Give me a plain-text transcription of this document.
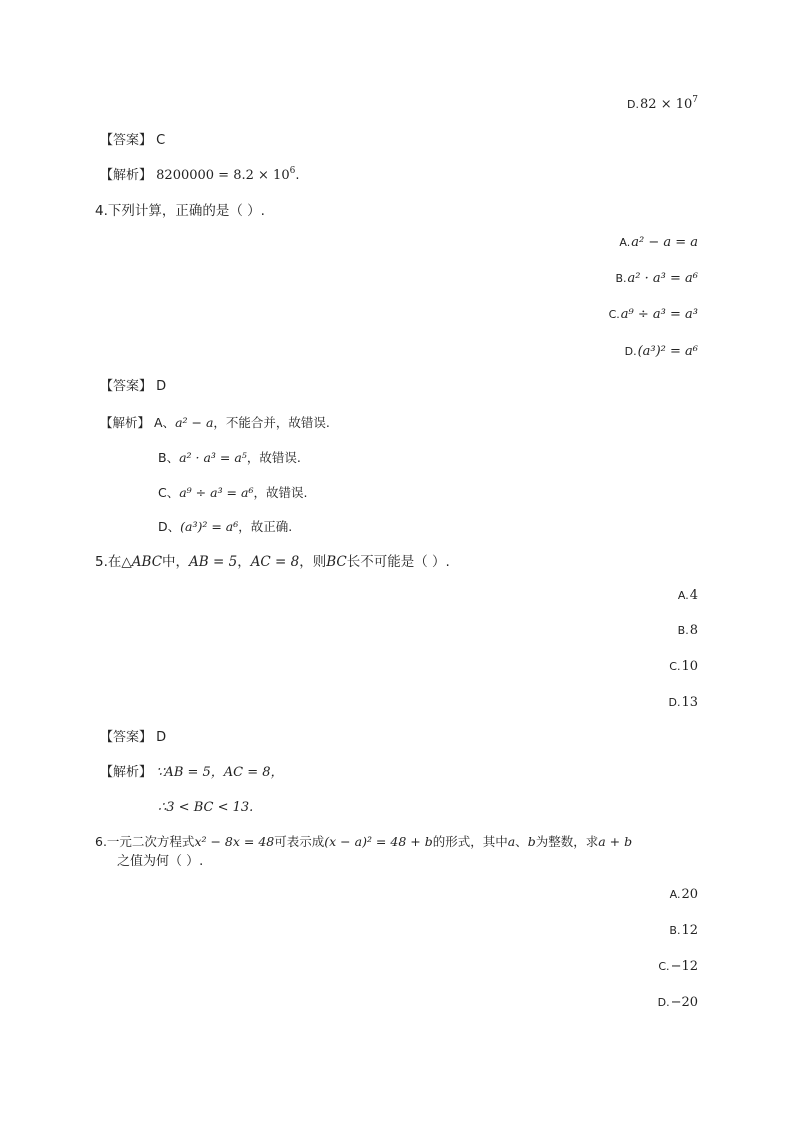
$D.82 \times 10^7$
【答案】 C
【解析】 $8200000 = 8.2 \times 10^6$.
4.下列计算，正确的是（ ）.
A.a² − a = a
B.a² · a³ = a⁶
C.a⁹ ÷ a³ = a³
D.(a³)² = a⁶
【答案】 D
【解析】 A、a² − a，不能合并，故错误.
B、a² · a³ = a⁵，故错误.
C、a⁹ ÷ a³ = a⁶，故错误.
D、(a³)² = a⁶，故正确.
5.在△ABC中，AB = 5，AC = 8，则BC长不可能是（ ）.
A.4
B.8
C.10
D.13
【答案】 D
【解析】 ∵AB = 5，AC = 8，
∴3 < BC < 13.
6.一元二次方程式x² − 8x = 48可表示成(x − a)² = 48 + b的形式，其中a、b为整数，求a + b
之值为何（ ）.
A.20
B.12
C.−12
D.−20
